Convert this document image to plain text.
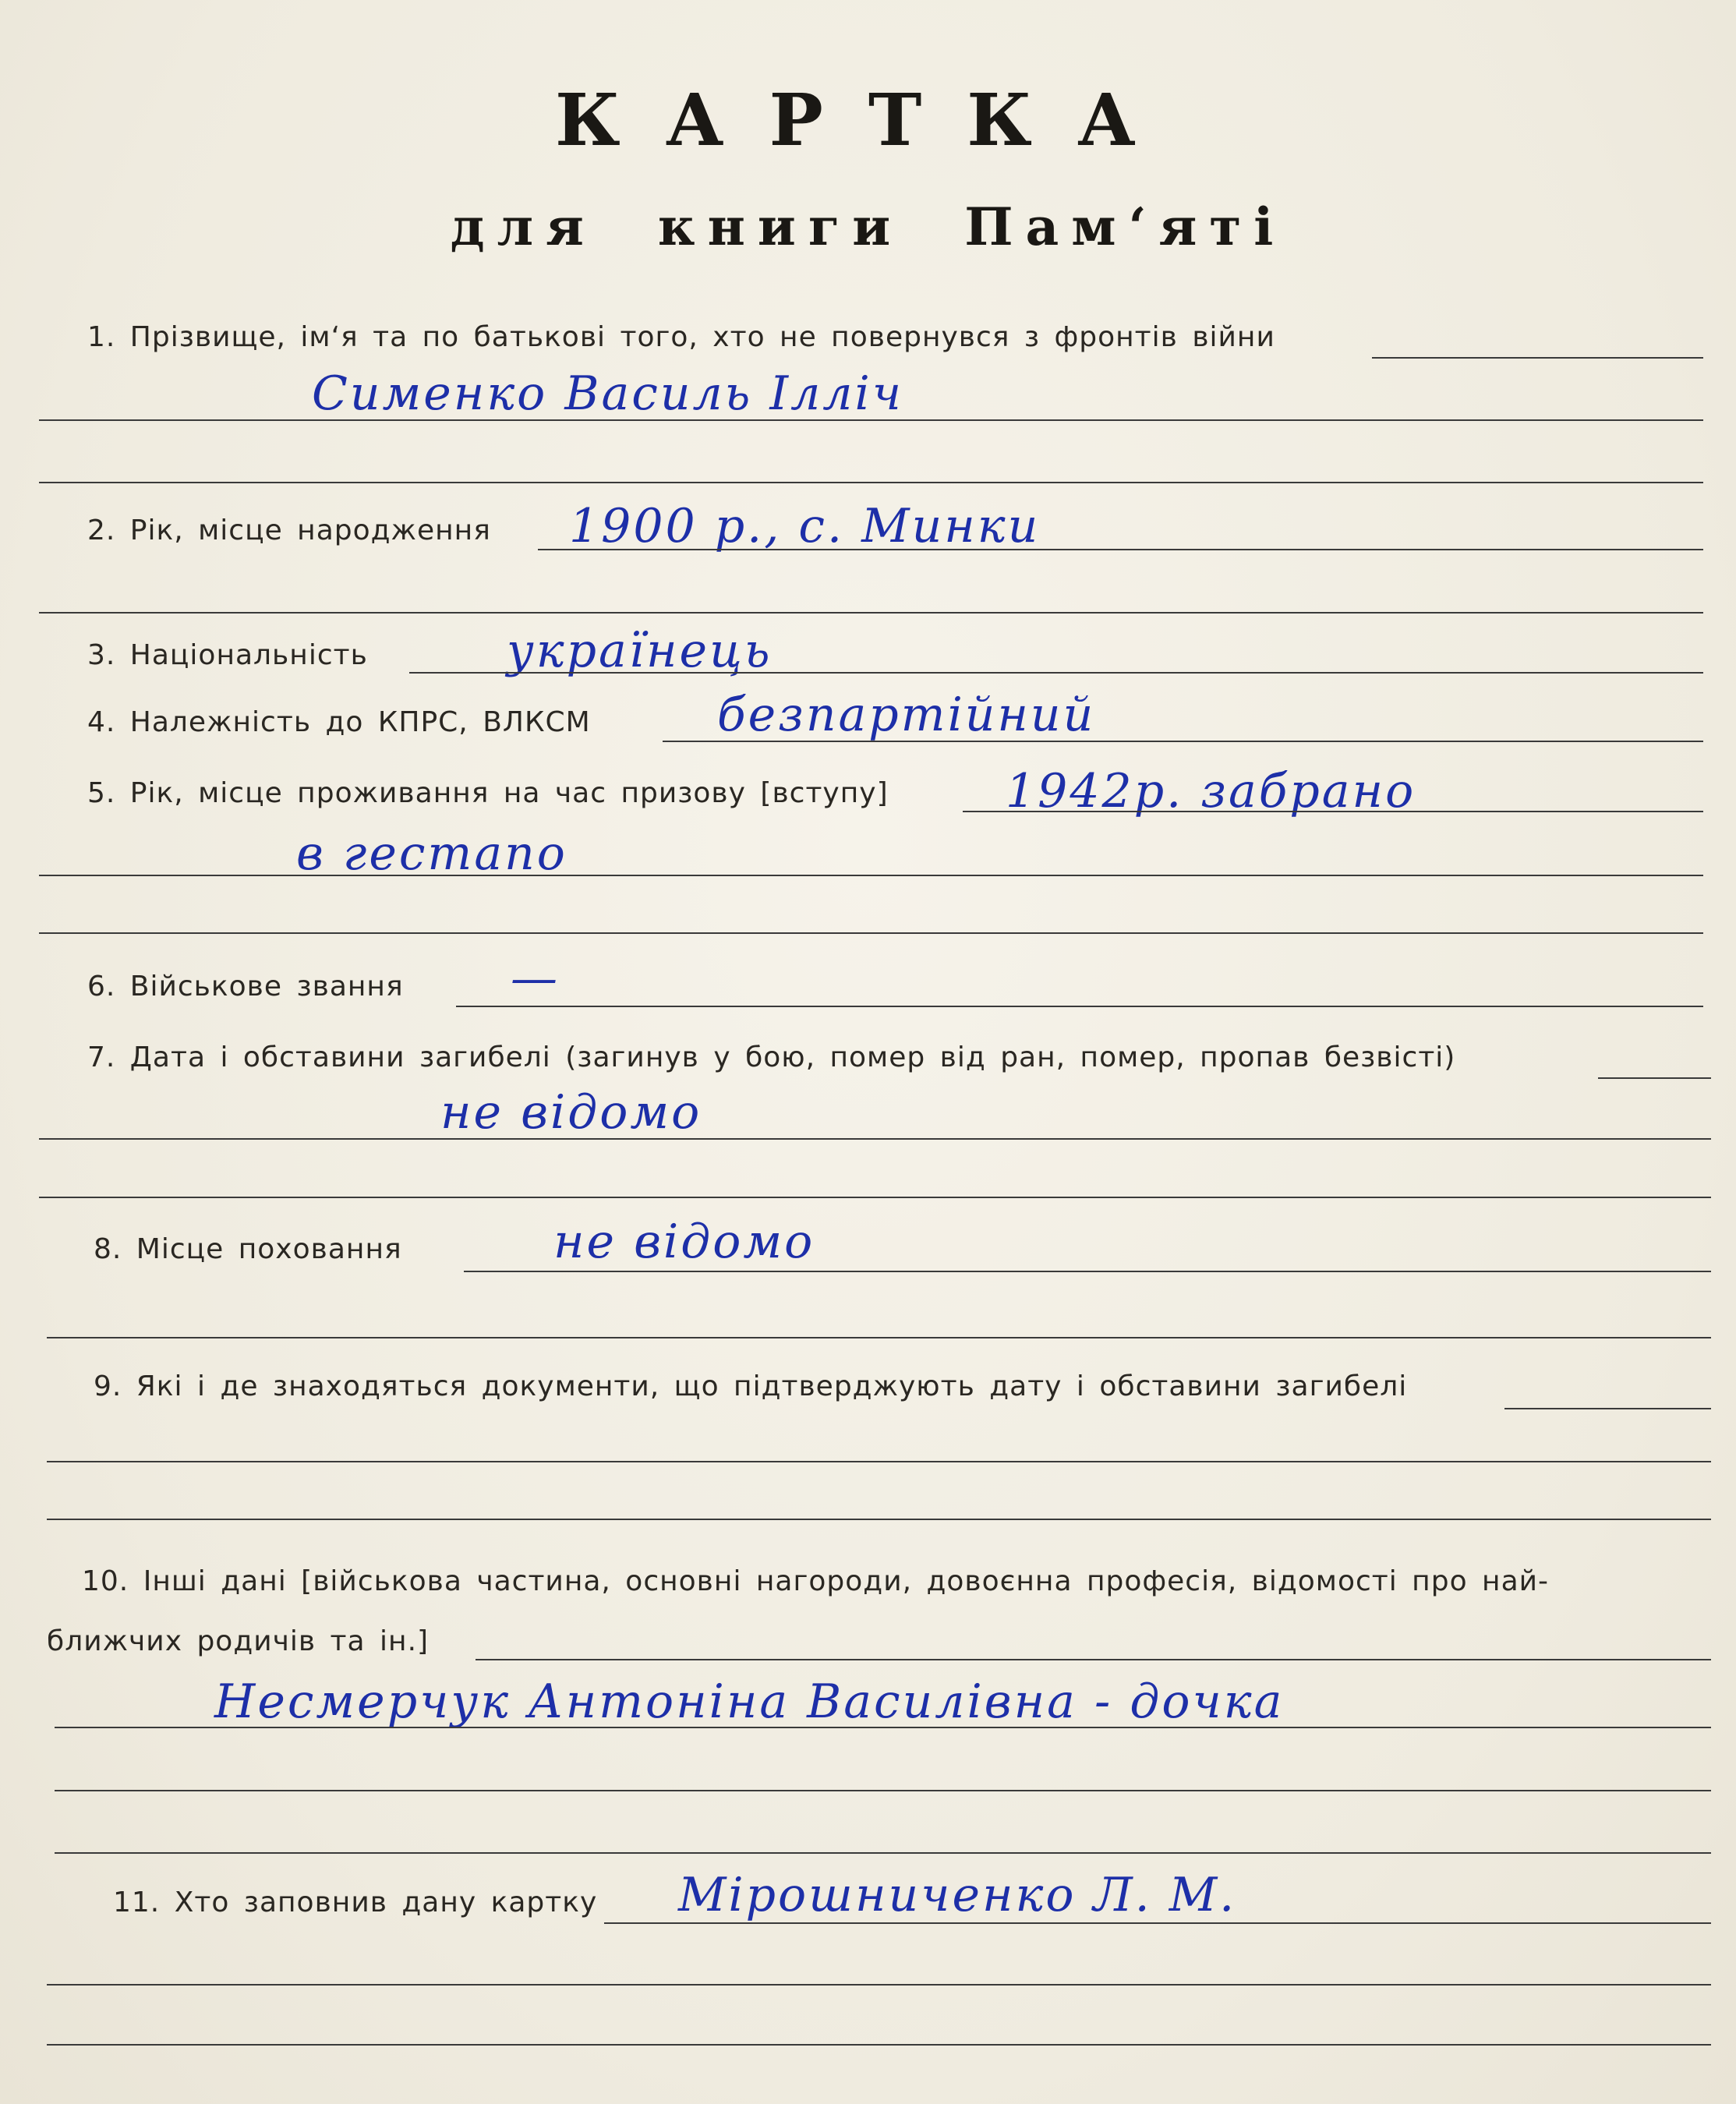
КАРТКА
для книги Пам‘яті
1. Прізвище, ім‘я та по батькові того, хто не повернувся з фронтів війни
Сименко Василь Ілліч
2. Рік, місце народження 1900 р., с. Минки
3. Національність	українець
4. Належність до КПРС, ВЛКСМ	безпартійний
5. Рік, місце проживання на час призову [вступу]	1942р. забрано
в гестапо
6. Військове звання —
7. Дата і обставини загибелі (загинув у бою, помер від ран, помер, пропав безвісті)
не відомо
8. Місце поховання	не відомо
9. Які і де знаходяться документи, що підтверджують дату і обставини загибелі
10. Інші дані [військова частина, основні нагороди, довоєнна професія, відомості про най-
ближчих родичів та ін.]
Несмерчук Антоніна Василівна - дочка
11. Хто заповнив дану картку Мірошниченко Л. М.
